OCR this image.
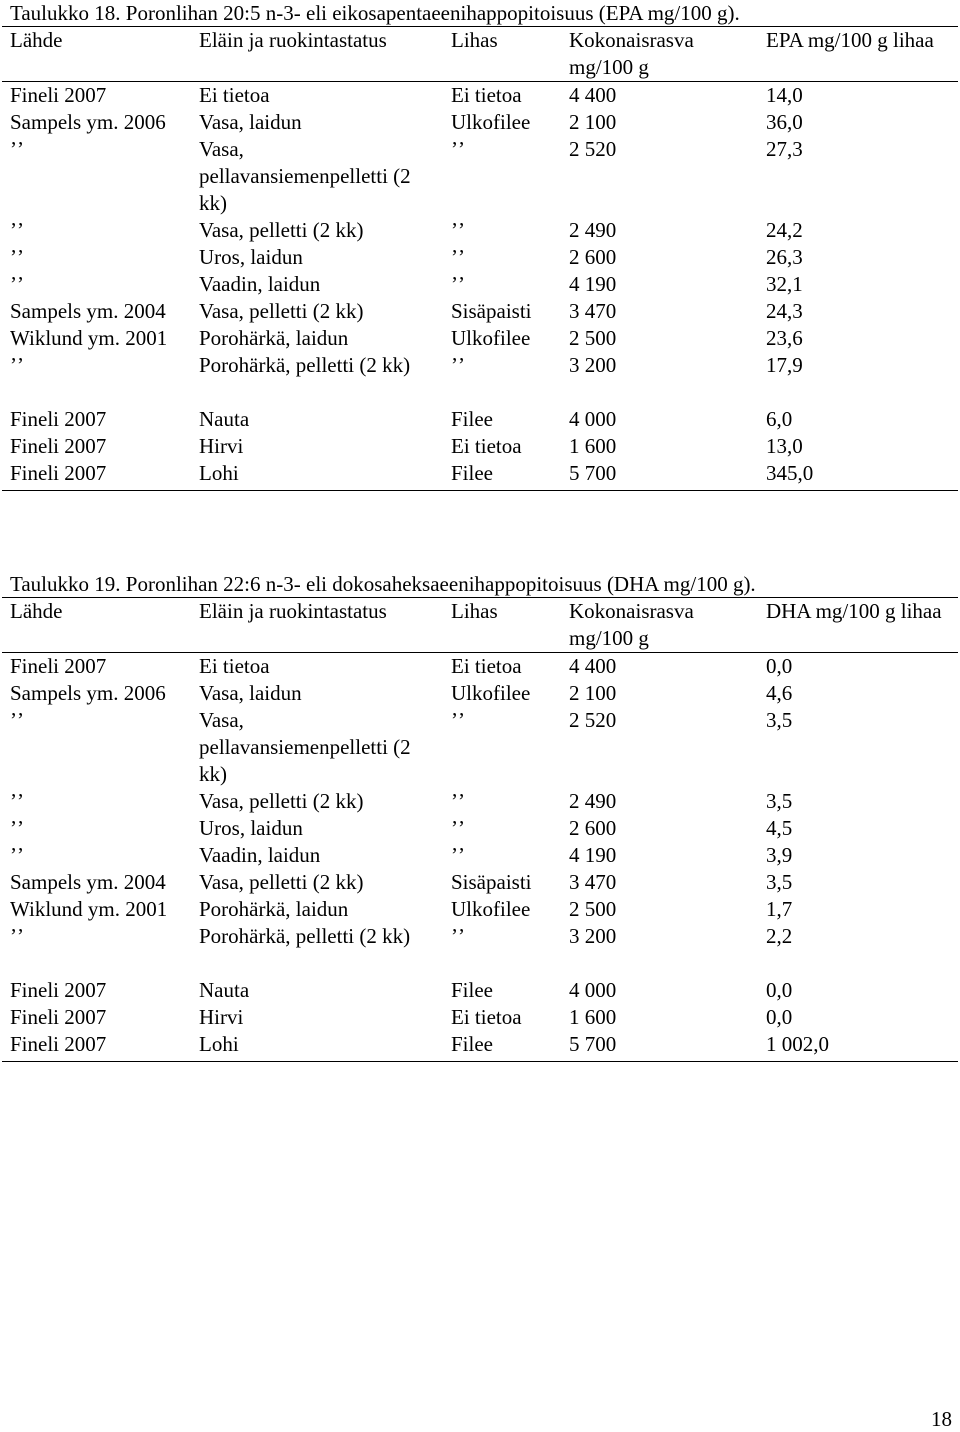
Taulukko 18. Poronlihan 20:5 n-3- eli eikosapentaeenihappopitoisuus (EPA mg/100 g).
Lähde	Eläin ja ruokintastatus	Lihas	Kokonaisrasva mg/100 g	EPA mg/100 g lihaa
Fineli 2007	Ei tietoa	Ei tietoa	4 400	14,0
Sampels ym. 2006	Vasa, laidun	Ulkofilee	2 100	36,0
ʼʼ	Vasa, pellavansiemenpelletti (2 kk)	ʼʼ	2 520	27,3
ʼʼ	Vasa, pelletti (2 kk)	ʼʼ	2 490	24,2
ʼʼ	Uros, laidun	ʼʼ	2 600	26,3
ʼʼ	Vaadin, laidun	ʼʼ	4 190	32,1
Sampels ym. 2004	Vasa, pelletti (2 kk)	Sisäpaisti	3 470	24,3
Wiklund ym. 2001	Porohärkä, laidun	Ulkofilee	2 500	23,6
ʼʼ	Porohärkä, pelletti (2 kk)	ʼʼ	3 200	17,9

Fineli 2007	Nauta	Filee	4 000	6,0
Fineli 2007	Hirvi	Ei tietoa	1 600	13,0
Fineli 2007	Lohi	Filee	5 700	345,0
Taulukko 19. Poronlihan 22:6 n-3- eli dokosaheksaeenihappopitoisuus (DHA mg/100 g).
Lähde	Eläin ja ruokintastatus	Lihas	Kokonaisrasva mg/100 g	DHA mg/100 g lihaa
Fineli 2007	Ei tietoa	Ei tietoa	4 400	0,0
Sampels ym. 2006	Vasa, laidun	Ulkofilee	2 100	4,6
ʼʼ	Vasa, pellavansiemenpelletti (2 kk)	ʼʼ	2 520	3,5
ʼʼ	Vasa, pelletti (2 kk)	ʼʼ	2 490	3,5
ʼʼ	Uros, laidun	ʼʼ	2 600	4,5
ʼʼ	Vaadin, laidun	ʼʼ	4 190	3,9
Sampels ym. 2004	Vasa, pelletti (2 kk)	Sisäpaisti	3 470	3,5
Wiklund ym. 2001	Porohärkä, laidun	Ulkofilee	2 500	1,7
ʼʼ	Porohärkä, pelletti (2 kk)	ʼʼ	3 200	2,2

Fineli 2007	Nauta	Filee	4 000	0,0
Fineli 2007	Hirvi	Ei tietoa	1 600	0,0
Fineli 2007	Lohi	Filee	5 700	1 002,0
18
